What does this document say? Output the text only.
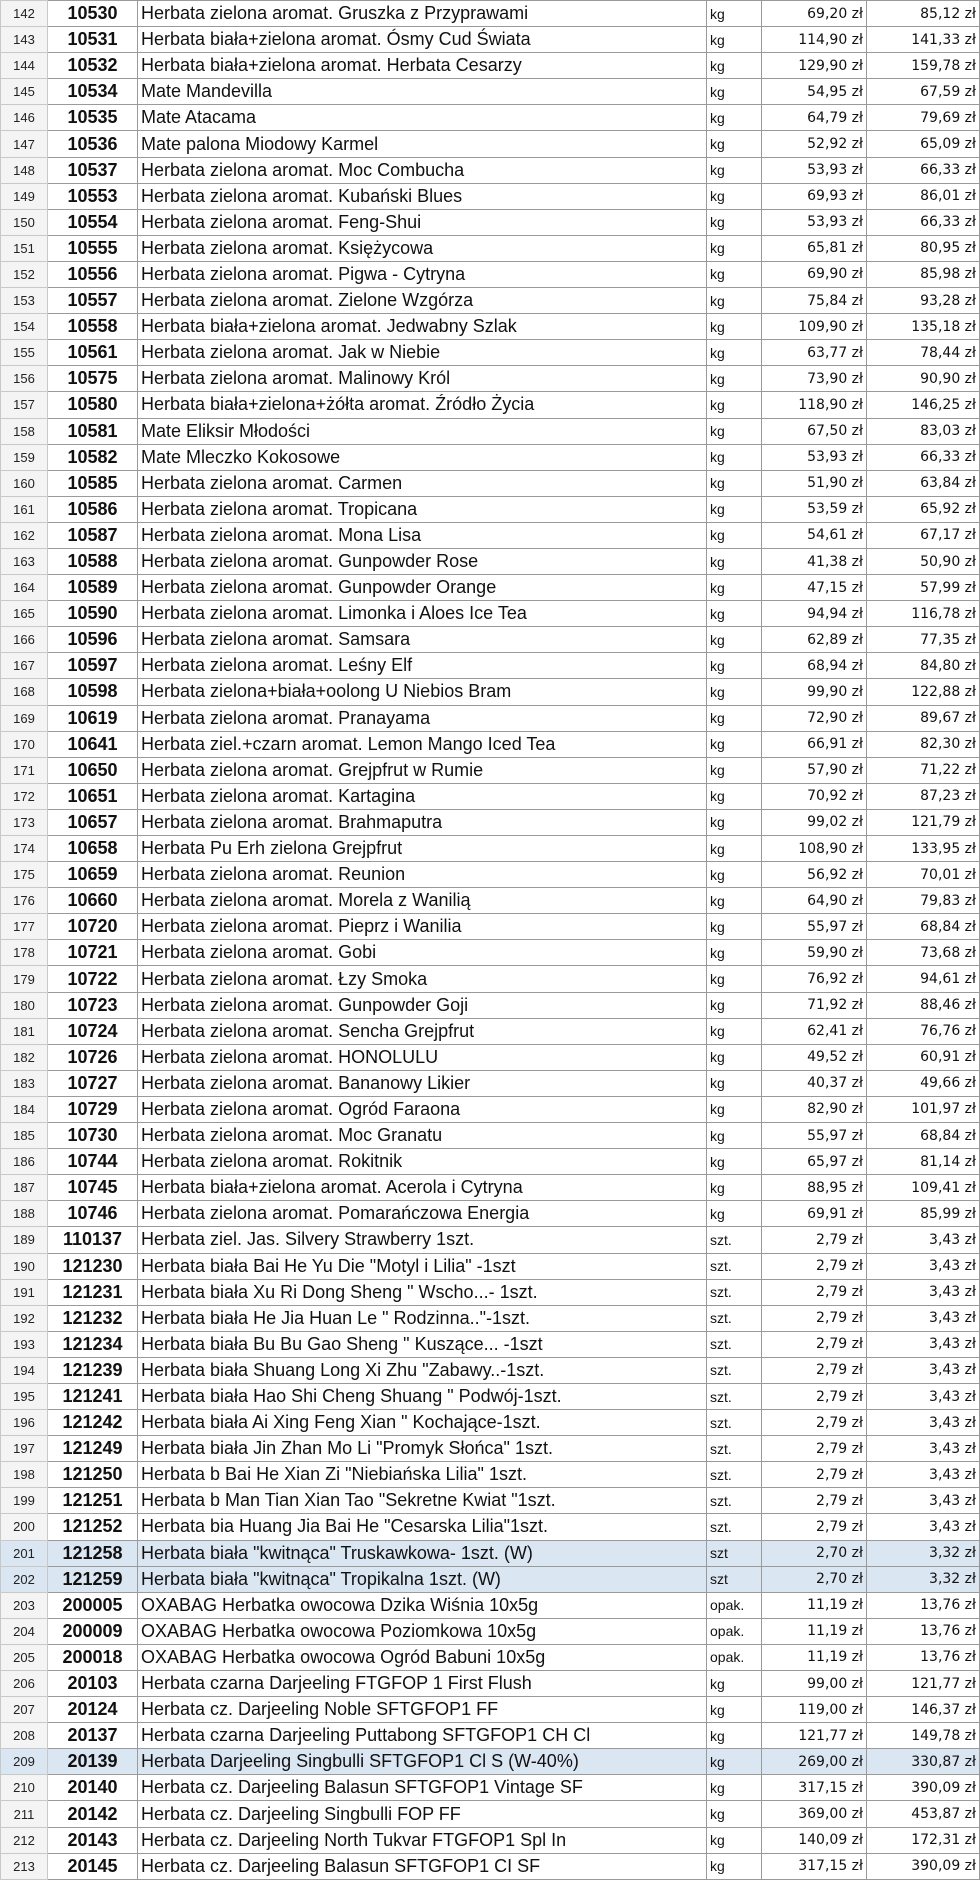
142	10530	Herbata zielona aromat. Gruszka z Przyprawami	kg	69,20 zł	85,12 zł
143	10531	Herbata biała+zielona aromat. Ósmy Cud Świata	kg	114,90 zł	141,33 zł
144	10532	Herbata biała+zielona aromat. Herbata Cesarzy	kg	129,90 zł	159,78 zł
145	10534	Mate Mandevilla	kg	54,95 zł	67,59 zł
146	10535	Mate Atacama	kg	64,79 zł	79,69 zł
147	10536	Mate palona Miodowy Karmel	kg	52,92 zł	65,09 zł
148	10537	Herbata zielona aromat. Moc Combucha	kg	53,93 zł	66,33 zł
149	10553	Herbata zielona aromat. Kubański Blues	kg	69,93 zł	86,01 zł
150	10554	Herbata zielona aromat. Feng-Shui	kg	53,93 zł	66,33 zł
151	10555	Herbata zielona aromat. Księżycowa	kg	65,81 zł	80,95 zł
152	10556	Herbata zielona aromat. Pigwa - Cytryna	kg	69,90 zł	85,98 zł
153	10557	Herbata zielona aromat. Zielone Wzgórza	kg	75,84 zł	93,28 zł
154	10558	Herbata biała+zielona aromat. Jedwabny Szlak	kg	109,90 zł	135,18 zł
155	10561	Herbata zielona aromat. Jak w Niebie	kg	63,77 zł	78,44 zł
156	10575	Herbata zielona aromat. Malinowy Król	kg	73,90 zł	90,90 zł
157	10580	Herbata biała+zielona+żółta aromat. Źródło Życia	kg	118,90 zł	146,25 zł
158	10581	Mate Eliksir Młodości	kg	67,50 zł	83,03 zł
159	10582	Mate Mleczko Kokosowe	kg	53,93 zł	66,33 zł
160	10585	Herbata zielona aromat. Carmen	kg	51,90 zł	63,84 zł
161	10586	Herbata zielona aromat. Tropicana	kg	53,59 zł	65,92 zł
162	10587	Herbata zielona aromat. Mona Lisa	kg	54,61 zł	67,17 zł
163	10588	Herbata zielona aromat. Gunpowder Rose	kg	41,38 zł	50,90 zł
164	10589	Herbata zielona aromat. Gunpowder Orange	kg	47,15 zł	57,99 zł
165	10590	Herbata zielona aromat. Limonka i Aloes Ice Tea	kg	94,94 zł	116,78 zł
166	10596	Herbata zielona aromat. Samsara	kg	62,89 zł	77,35 zł
167	10597	Herbata zielona aromat. Leśny Elf	kg	68,94 zł	84,80 zł
168	10598	Herbata zielona+biała+oolong U Niebios Bram	kg	99,90 zł	122,88 zł
169	10619	Herbata zielona aromat. Pranayama	kg	72,90 zł	89,67 zł
170	10641	Herbata ziel.+czarn aromat. Lemon Mango Iced Tea	kg	66,91 zł	82,30 zł
171	10650	Herbata zielona aromat. Grejpfrut w Rumie	kg	57,90 zł	71,22 zł
172	10651	Herbata zielona aromat. Kartagina	kg	70,92 zł	87,23 zł
173	10657	Herbata zielona aromat. Brahmaputra	kg	99,02 zł	121,79 zł
174	10658	Herbata Pu Erh zielona Grejpfrut	kg	108,90 zł	133,95 zł
175	10659	Herbata zielona aromat. Reunion	kg	56,92 zł	70,01 zł
176	10660	Herbata zielona aromat. Morela z Wanilią	kg	64,90 zł	79,83 zł
177	10720	Herbata zielona aromat. Pieprz i Wanilia	kg	55,97 zł	68,84 zł
178	10721	Herbata zielona aromat. Gobi	kg	59,90 zł	73,68 zł
179	10722	Herbata zielona aromat. Łzy Smoka	kg	76,92 zł	94,61 zł
180	10723	Herbata zielona aromat. Gunpowder Goji	kg	71,92 zł	88,46 zł
181	10724	Herbata zielona aromat. Sencha Grejpfrut	kg	62,41 zł	76,76 zł
182	10726	Herbata zielona aromat. HONOLULU	kg	49,52 zł	60,91 zł
183	10727	Herbata zielona aromat. Bananowy Likier	kg	40,37 zł	49,66 zł
184	10729	Herbata zielona aromat. Ogród Faraona	kg	82,90 zł	101,97 zł
185	10730	Herbata zielona aromat. Moc Granatu	kg	55,97 zł	68,84 zł
186	10744	Herbata zielona aromat. Rokitnik	kg	65,97 zł	81,14 zł
187	10745	Herbata biała+zielona aromat. Acerola i Cytryna	kg	88,95 zł	109,41 zł
188	10746	Herbata zielona aromat. Pomarańczowa Energia	kg	69,91 zł	85,99 zł
189	110137	Herbata ziel. Jas. Silvery Strawberry 1szt.	szt.	2,79 zł	3,43 zł
190	121230	Herbata biała Bai He Yu Die "Motyl i Lilia" -1szt	szt.	2,79 zł	3,43 zł
191	121231	Herbata biała Xu Ri Dong Sheng " Wscho...- 1szt.	szt.	2,79 zł	3,43 zł
192	121232	Herbata biała He Jia Huan Le " Rodzinna.."-1szt.	szt.	2,79 zł	3,43 zł
193	121234	Herbata biała Bu Bu Gao Sheng " Kuszące... -1szt	szt.	2,79 zł	3,43 zł
194	121239	Herbata biała Shuang Long Xi Zhu "Zabawy..-1szt.	szt.	2,79 zł	3,43 zł
195	121241	Herbata biała Hao Shi Cheng Shuang " Podwój-1szt.	szt.	2,79 zł	3,43 zł
196	121242	Herbata biała Ai Xing Feng Xian " Kochające-1szt.	szt.	2,79 zł	3,43 zł
197	121249	Herbata biała Jin Zhan Mo Li "Promyk Słońca" 1szt.	szt.	2,79 zł	3,43 zł
198	121250	Herbata b Bai He Xian Zi "Niebiańska Lilia" 1szt.	szt.	2,79 zł	3,43 zł
199	121251	Herbata b Man Tian Xian Tao "Sekretne Kwiat "1szt.	szt.	2,79 zł	3,43 zł
200	121252	Herbata bia Huang Jia Bai He "Cesarska Lilia"1szt.	szt.	2,79 zł	3,43 zł
201	121258	Herbata biała "kwitnąca" Truskawkowa- 1szt. (W)	szt	2,70 zł	3,32 zł
202	121259	Herbata biała "kwitnąca" Tropikalna 1szt. (W)	szt	2,70 zł	3,32 zł
203	200005	OXABAG Herbatka owocowa Dzika Wiśnia 10x5g	opak.	11,19 zł	13,76 zł
204	200009	OXABAG Herbatka owocowa Poziomkowa 10x5g	opak.	11,19 zł	13,76 zł
205	200018	OXABAG Herbatka owocowa Ogród Babuni 10x5g	opak.	11,19 zł	13,76 zł
206	20103	Herbata czarna Darjeeling FTGFOP 1 First Flush	kg	99,00 zł	121,77 zł
207	20124	Herbata cz. Darjeeling Noble SFTGFOP1 FF	kg	119,00 zł	146,37 zł
208	20137	Herbata czarna Darjeeling Puttabong SFTGFOP1 CH Cl	kg	121,77 zł	149,78 zł
209	20139	Herbata Darjeeling Singbulli SFTGFOP1 Cl S (W-40%)	kg	269,00 zł	330,87 zł
210	20140	Herbata cz. Darjeeling Balasun SFTGFOP1 Vintage SF	kg	317,15 zł	390,09 zł
211	20142	Herbata cz. Darjeeling Singbulli FOP FF	kg	369,00 zł	453,87 zł
212	20143	Herbata cz. Darjeeling North Tukvar FTGFOP1 Spl In	kg	140,09 zł	172,31 zł
213	20145	Herbata cz. Darjeeling Balasun SFTGFOP1 CI SF	kg	317,15 zł	390,09 zł
